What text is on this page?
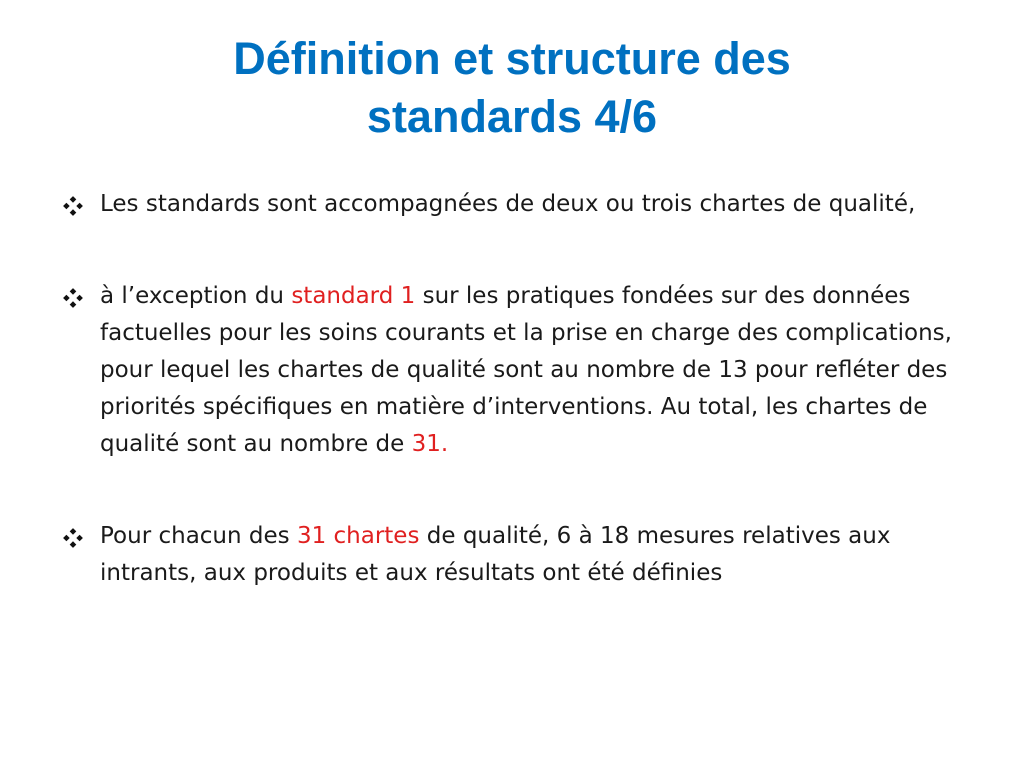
Définition et structure des
standards 4/6
Les standards sont accompagnées de deux ou trois chartes de qualité,
à l’exception du standard 1 sur les pratiques fondées sur des données factuelles pour les soins courants et la prise en charge des complications, pour lequel les chartes de qualité sont au nombre de 13 pour refléter des priorités spécifiques en matière d’interventions. Au total, les chartes de qualité sont au nombre de 31.
Pour chacun des 31 chartes de qualité, 6 à 18 mesures relatives aux intrants, aux produits et aux résultats ont été définies
